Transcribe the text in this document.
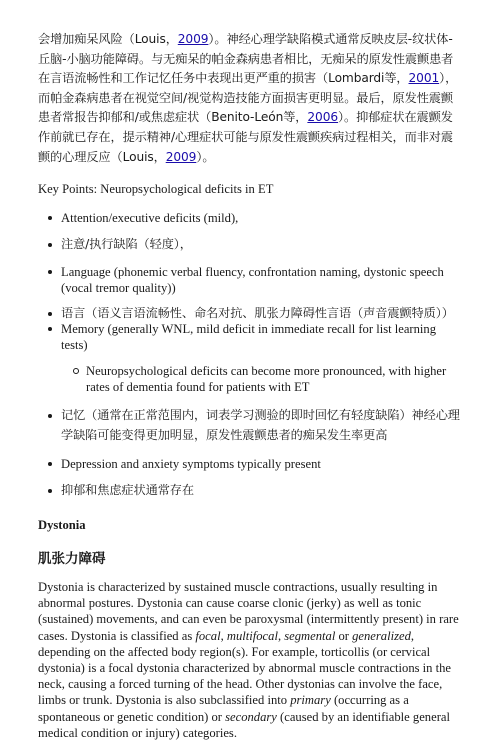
会增加痴呆风险（Louis，2009）。神经心理学缺陷模式通常反映皮层-纹状体-丘脑-小脑功能障碍。与无痴呆的帕金森病患者相比，无痴呆的原发性震颤患者在言语流畅性和工作记忆任务中表现出更严重的损害（Lombardi等，2001），而帕金森病患者在视觉空间/视觉构造技能方面损害更明显。最后，原发性震颤患者常报告抑郁和/或焦虑症状（Benito-León等，2006）。抑郁症状在震颤发作前就已存在，提示精神/心理症状可能与原发性震颤疾病过程相关，而非对震颤的心理反应（Louis，2009）。

Key Points: Neuropsychological deficits in ET

Attention/executive deficits (mild),
注意/执行缺陷（轻度），
Language (phonemic verbal fluency, confrontation naming, dystonic speech (vocal tremor quality))
语言（语义言语流畅性、命名对抗、肌张力障碍性言语（声音震颤特质））
Memory (generally WNL, mild deficit in immediate recall for list learning tests)
Neuropsychological deficits can become more pronounced, with higher rates of dementia found for patients with ET
记忆（通常在正常范围内，词表学习测验的即时回忆有轻度缺陷）神经心理学缺陷可能变得更加明显，原发性震颤患者的痴呆发生率更高
Depression and anxiety symptoms typically present
抑郁和焦虑症状通常存在

Dystonia

肌张力障碍

Dystonia is characterized by sustained muscle contractions, usually resulting in abnormal postures. Dystonia can cause coarse clonic (jerky) as well as tonic (sustained) movements, and can even be paroxysmal (intermittently present) in rare cases. Dystonia is classified as focal, multifocal, segmental or generalized, depending on the affected body region(s). For example, torticollis (or cervical dystonia) is a focal dystonia characterized by abnormal muscle contractions in the neck, causing a forced turning of the head. Other dystonias can involve the face, limbs or trunk. Dystonia is also subclassified into primary (occurring as a spontaneous or genetic condition) or secondary (caused by an identifiable general medical condition or injury) categories.
